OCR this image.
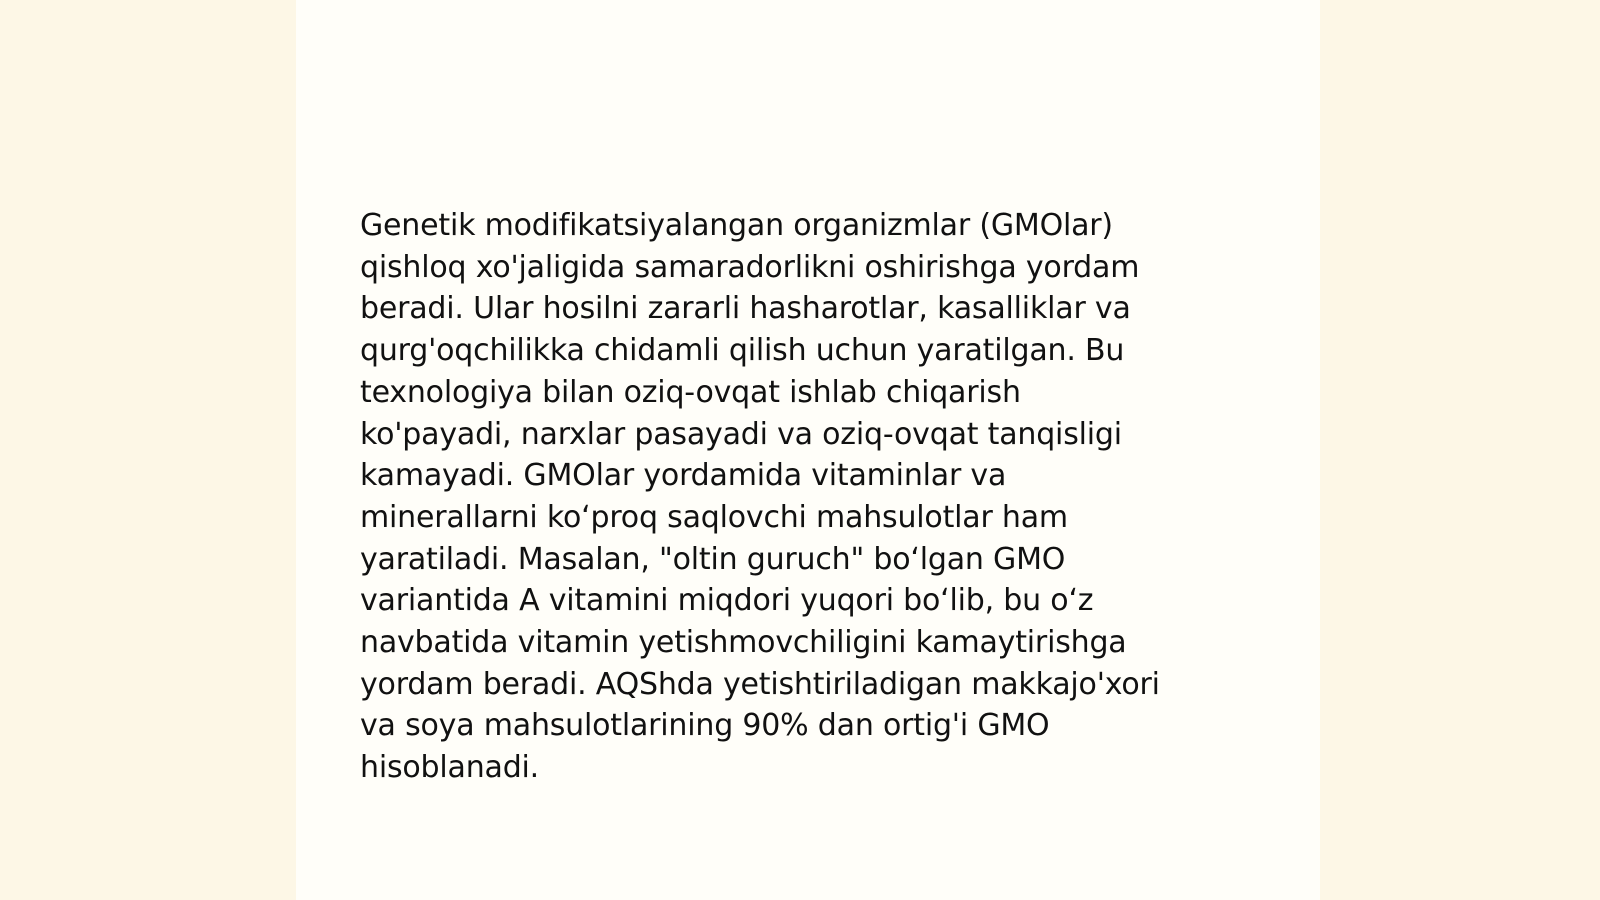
Genetik modifikatsiyalangan organizmlar (GMOlar)
qishloq xo'jaligida samaradorlikni oshirishga yordam
beradi. Ular hosilni zararli hasharotlar, kasalliklar va
qurg'oqchilikka chidamli qilish uchun yaratilgan. Bu
texnologiya bilan oziq-ovqat ishlab chiqarish
ko'payadi, narxlar pasayadi va oziq-ovqat tanqisligi
kamayadi. GMOlar yordamida vitaminlar va
minerallarni ko‘proq saqlovchi mahsulotlar ham
yaratiladi. Masalan, "oltin guruch" bo‘lgan GMO
variantida A vitamini miqdori yuqori bo‘lib, bu o‘z
navbatida vitamin yetishmovchiligini kamaytirishga
yordam beradi. AQShda yetishtiriladigan makkajo'xori
va soya mahsulotlarining 90% dan ortig'i GMO
hisoblanadi.
